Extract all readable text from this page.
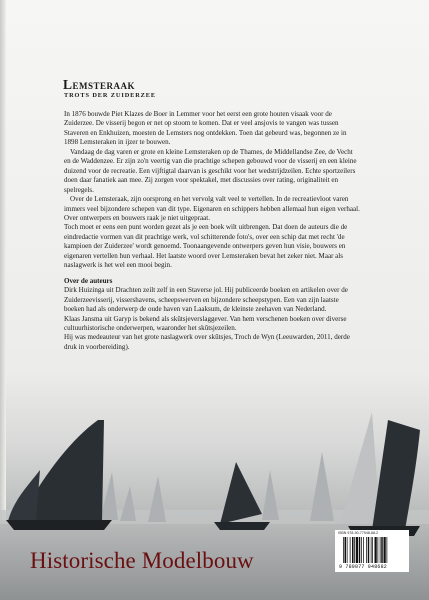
Lemsteraak
TROTS DER ZUIDERZEE

In 1876 bouwde Piet Klazes de Boer in Lemmer voor het eerst een grote houten visaak voor de Zuiderzee. De visserij begon er net op stoom te komen. Dat er veel ansjovis te vangen was tussen Staveren en Enkhuizen, moesten de Lemsters nog ontdekken. Toen dat gebeurd was, begonnen ze in 1898 Lemsteraken in ijzer te bouwen.

Vandaag de dag varen er grote en kleine Lemsteraken op de Thames, de Middellandse Zee, de Vecht en de Waddenzee. Er zijn zo'n veertig van die prachtige schepen gebouwd voor de visserij en een kleine duizend voor de recreatie. Een vijftigtal daarvan is geschikt voor het wedstrijdzeilen. Echte sportzeilers doen daar fanatiek aan mee. Zij zorgen voor spektakel, met discussies over rating, originaliteit en spelregels.

Over de Lemsteraak, zijn oorsprong en het vervolg valt veel te vertellen. In de recreatievloot varen immers veel bijzondere schepen van dit type. Eigenaren en schippers hebben allemaal hun eigen verhaal. Over ontwerpers en bouwers raak je niet uitgepraat.

Toch moet er eens een punt worden gezet als je een boek wilt uitbrengen. Dat doen de auteurs die de eindredactie vormen van dit prachtige werk, vol schitterende foto's, over een schip dat met recht 'de kampioen der Zuiderzee' wordt genoemd. Toonaangevende ontwerpers geven hun visie, bouwers en eigenaren vertellen hun verhaal. Het laatste woord over Lemsteraken bevat het zeker niet. Maar als naslagwerk is het wel een mooi begin.

Over de auteurs

Dirk Huizinga uit Drachten zeilt zelf in een Staverse jol. Hij publiceerde boeken en artikelen over de Zuiderzeevisserij, vissershavens, scheepswerven en bijzondere scheepstypen. Een van zijn laatste boeken had als onderwerp de oude haven van Laaksum, de kleinste zeehaven van Nederland.

Klaas Jansma uit Garyp is bekend als skûtsjeverslaggever. Van hem verschenen boeken over diverse cultuurhistorische onderwerpen, waaronder het skûtsjezeilen.

Hij was medeauteur van het grote naslagwerk over skûtsjes, Troch de Wyn (Leeuwarden, 2011, derde druk in voorbereiding).

ISBN 978-90-77948-68-2
9 789077 948682
Historische Modelbouw
